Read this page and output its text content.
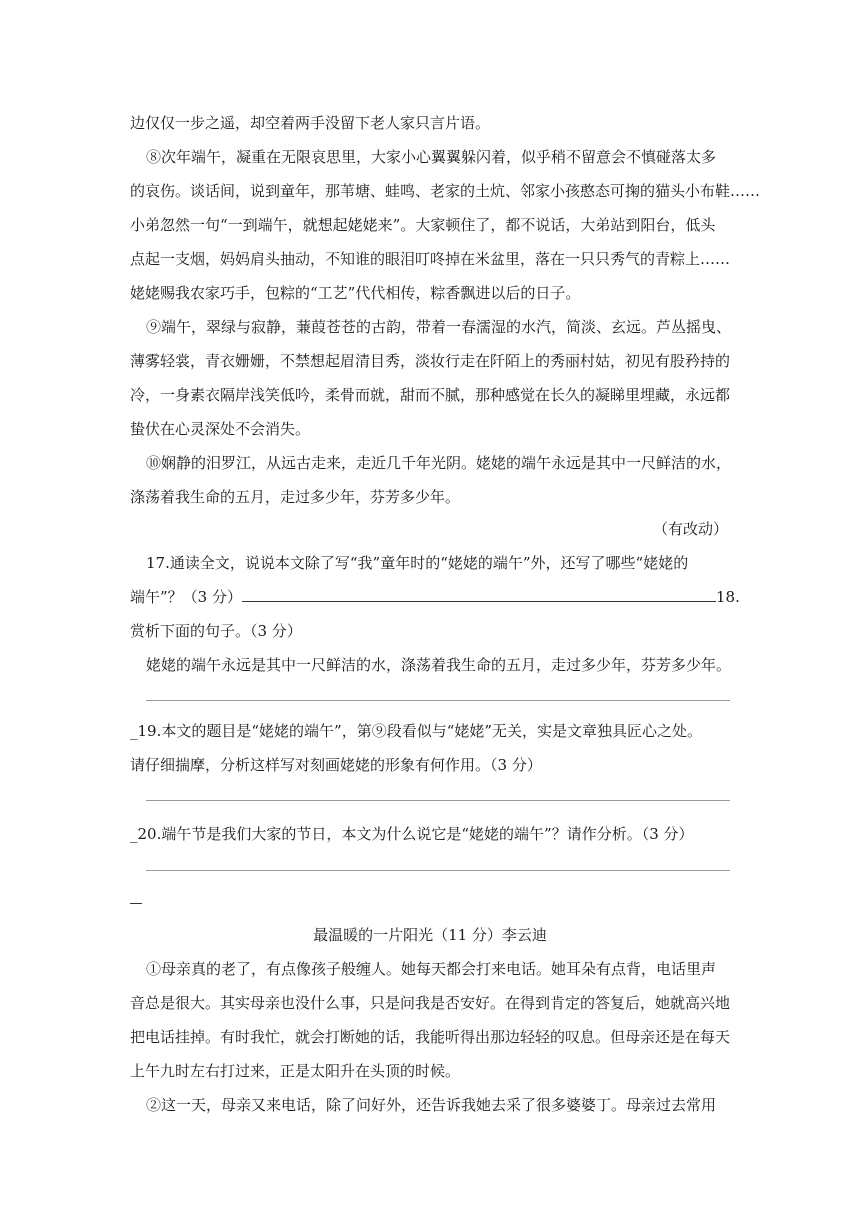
边仅仅一步之遥，却空着两手没留下老人家只言片语。
⑧次年端午，凝重在无限哀思里，大家小心翼翼躲闪着，似乎稍不留意会不慎碰落太多
的哀伤。谈话间，说到童年，那苇塘、蛙鸣、老家的土炕、邻家小孩憨态可掬的猫头小布鞋……
小弟忽然一句“一到端午，就想起姥姥来”。大家顿住了，都不说话，大弟站到阳台，低头
点起一支烟，妈妈肩头抽动，不知谁的眼泪叮咚掉在米盆里，落在一只只秀气的青粽上……
姥姥赐我农家巧手，包粽的“工艺”代代相传，粽香飘进以后的日子。
⑨端午，翠绿与寂静，蒹葭苍苍的古韵，带着一春濡湿的水汽，简淡、玄远。芦丛摇曳、
薄雾轻裳，青衣姗姗，不禁想起眉清目秀，淡妆行走在阡陌上的秀丽村姑，初见有股矜持的
冷，一身素衣隔岸浅笑低吟，柔骨而就，甜而不腻，那种感觉在长久的凝睇里埋藏，永远都
蛰伏在心灵深处不会消失。
⑩娴静的汨罗江，从远古走来，走近几千年光阴。姥姥的端午永远是其中一尺鲜洁的水，
涤荡着我生命的五月，走过多少年，芬芳多少年。
（有改动）
17.通读全文，说说本文除了写“我”童年时的“姥姥的端午”外，还写了哪些“姥姥的
端午”？（3 分）	18.
赏析下面的句子。（3 分）
姥姥的端午永远是其中一尺鲜洁的水，涤荡着我生命的五月，走过多少年，芬芳多少年。
_19.本文的题目是“姥姥的端午”，第⑨段看似与“姥姥”无关，实是文章独具匠心之处。
请仔细揣摩，分析这样写对刻画姥姥的形象有何作用。（3 分）
_20.端午节是我们大家的节日，本文为什么说它是“姥姥的端午”？请作分析。（3 分）
最温暖的一片阳光（11 分）李云迪
①母亲真的老了，有点像孩子般缠人。她每天都会打来电话。她耳朵有点背，电话里声
音总是很大。其实母亲也没什么事，只是问我是否安好。在得到肯定的答复后，她就高兴地
把电话挂掉。有时我忙，就会打断她的话，我能听得出那边轻轻的叹息。但母亲还是在每天
上午九时左右打过来，正是太阳升在头顶的时候。
②这一天，母亲又来电话，除了问好外，还告诉我她去采了很多婆婆丁。母亲过去常用
